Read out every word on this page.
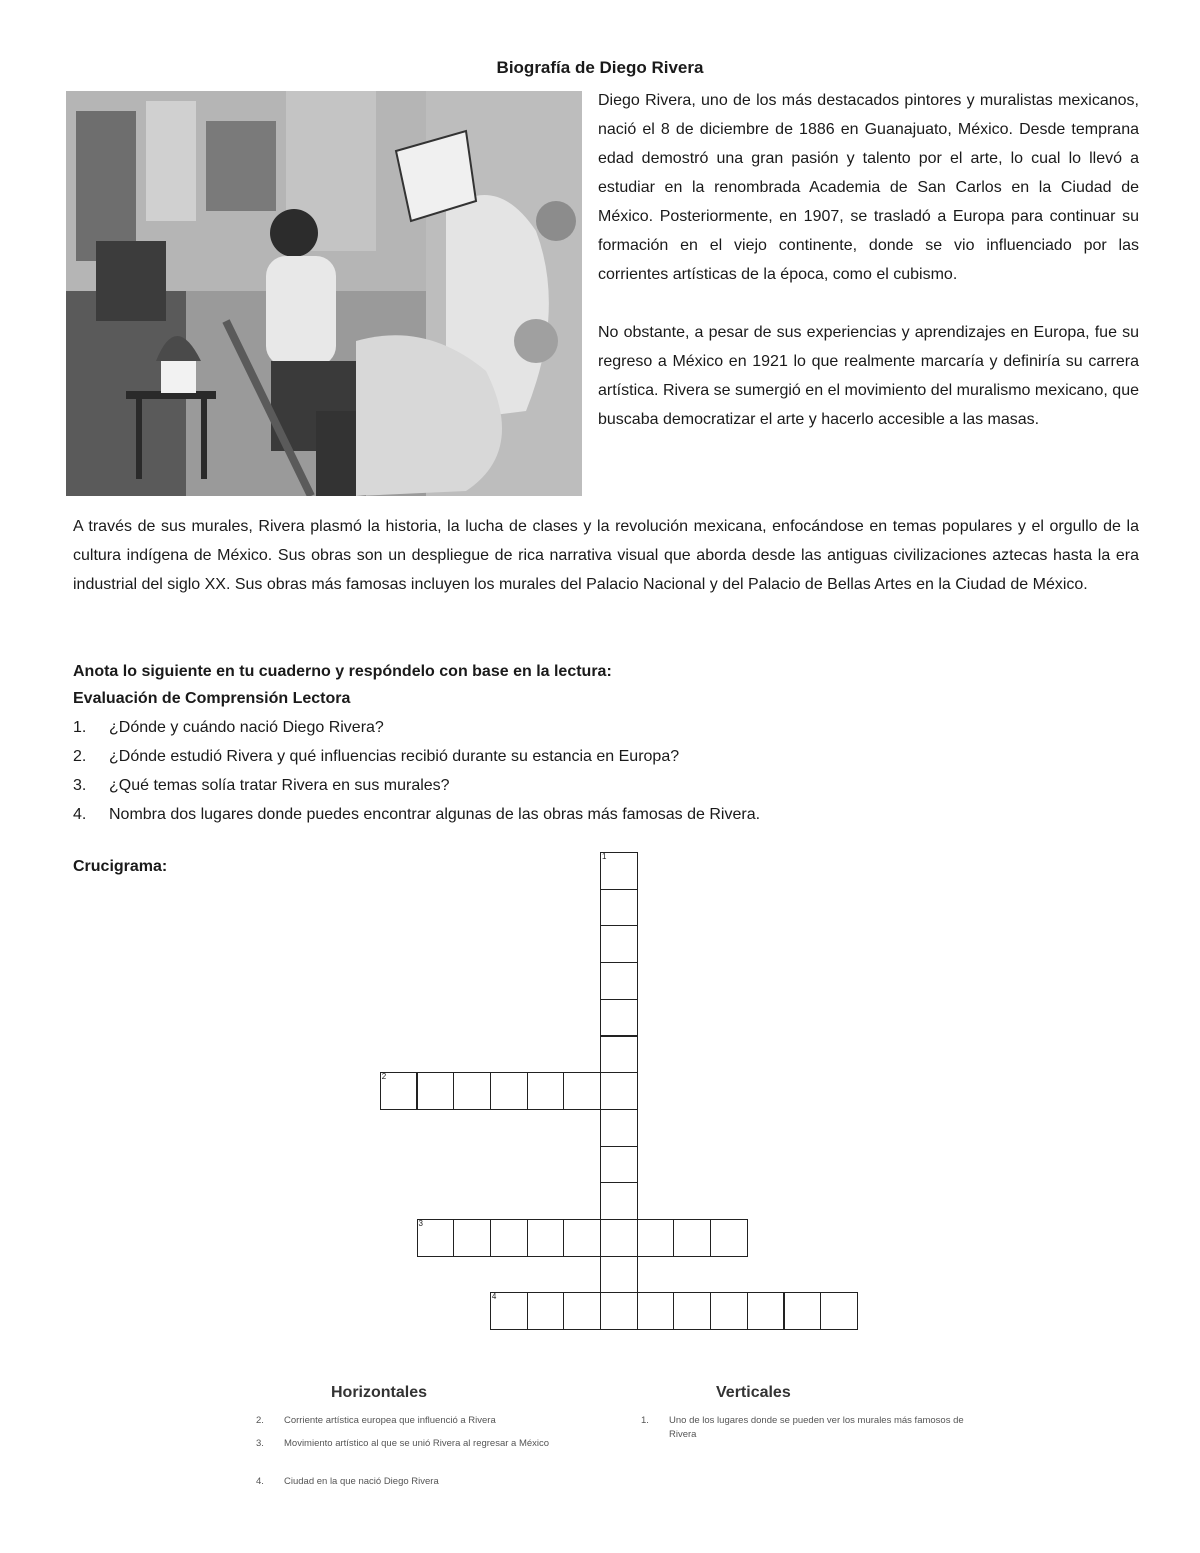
Biografía de Diego Rivera

Diego Rivera, uno de los más destacados pintores y muralistas mexicanos, nació el 8 de diciembre de 1886 en Guanajuato, México. Desde temprana edad demostró una gran pasión y talento por el arte, lo cual lo llevó a estudiar en la renombrada Academia de San Carlos en la Ciudad de México. Posteriormente, en 1907, se trasladó a Europa para continuar su formación en el viejo continente, donde se vio influenciado por las corrientes artísticas de la época, como el cubismo.

No obstante, a pesar de sus experiencias y aprendizajes en Europa, fue su regreso a México en 1921 lo que realmente marcaría y definiría su carrera artística. Rivera se sumergió en el movimiento del muralismo mexicano, que buscaba democratizar el arte y hacerlo accesible a las masas.

A través de sus murales, Rivera plasmó la historia, la lucha de clases y la revolución mexicana, enfocándose en temas populares y el orgullo de la cultura indígena de México. Sus obras son un despliegue de rica narrativa visual que aborda desde las antiguas civilizaciones aztecas hasta la era industrial del siglo XX. Sus obras más famosas incluyen los murales del Palacio Nacional y del Palacio de Bellas Artes en la Ciudad de México.

Anota lo siguiente en tu cuaderno y respóndelo con base en la lectura:
Evaluación de Comprensión Lectora
1.	¿Dónde y cuándo nació Diego Rivera?
2.	¿Dónde estudió Rivera y qué influencias recibió durante su estancia en Europa?
3.	¿Qué temas solía tratar Rivera en sus murales?
4.	Nombra dos lugares donde puedes encontrar algunas de las obras más famosas de Rivera.
Crucigrama:
1
2
3
4
Horizontales	Verticales
2.	Corriente artística europea que influenció a Rivera
3.	Movimiento artístico al que se unió Rivera al regresar a México
4.	Ciudad en la que nació Diego Rivera
1.	Uno de los lugares donde se pueden ver los murales más famosos de Rivera
